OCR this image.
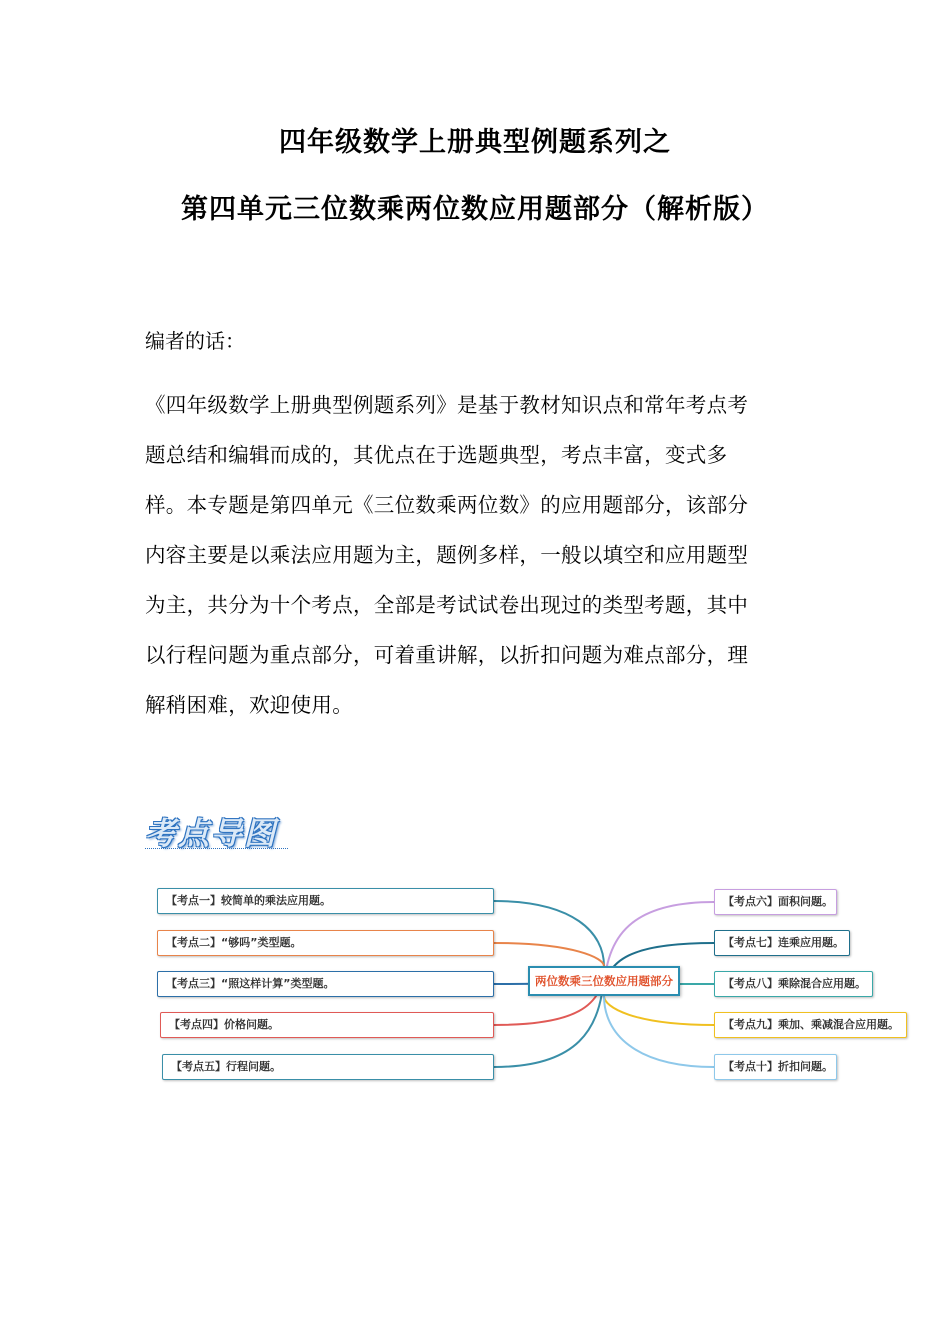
四年级数学上册典型例题系列之
第四单元三位数乘两位数应用题部分（解析版）
编者的话：
《四年级数学上册典型例题系列》是基于教材知识点和常年考点考
题总结和编辑而成的，其优点在于选题典型，考点丰富，变式多
样。本专题是第四单元《三位数乘两位数》的应用题部分，该部分
内容主要是以乘法应用题为主，题例多样，一般以填空和应用题型
为主，共分为十个考点，全部是考试试卷出现过的类型考题，其中
以行程问题为重点部分，可着重讲解，以折扣问题为难点部分，理
解稍困难，欢迎使用。
考点导图
【考点一】较简单的乘法应用题。
【考点二】“够吗”类型题。
【考点三】“照这样计算”类型题。
【考点四】价格问题。
【考点五】行程问题。
两位数乘三位数应用题部分
【考点六】面积问题。
【考点七】连乘应用题。
【考点八】乘除混合应用题。
【考点九】乘加、乘减混合应用题。
【考点十】折扣问题。
